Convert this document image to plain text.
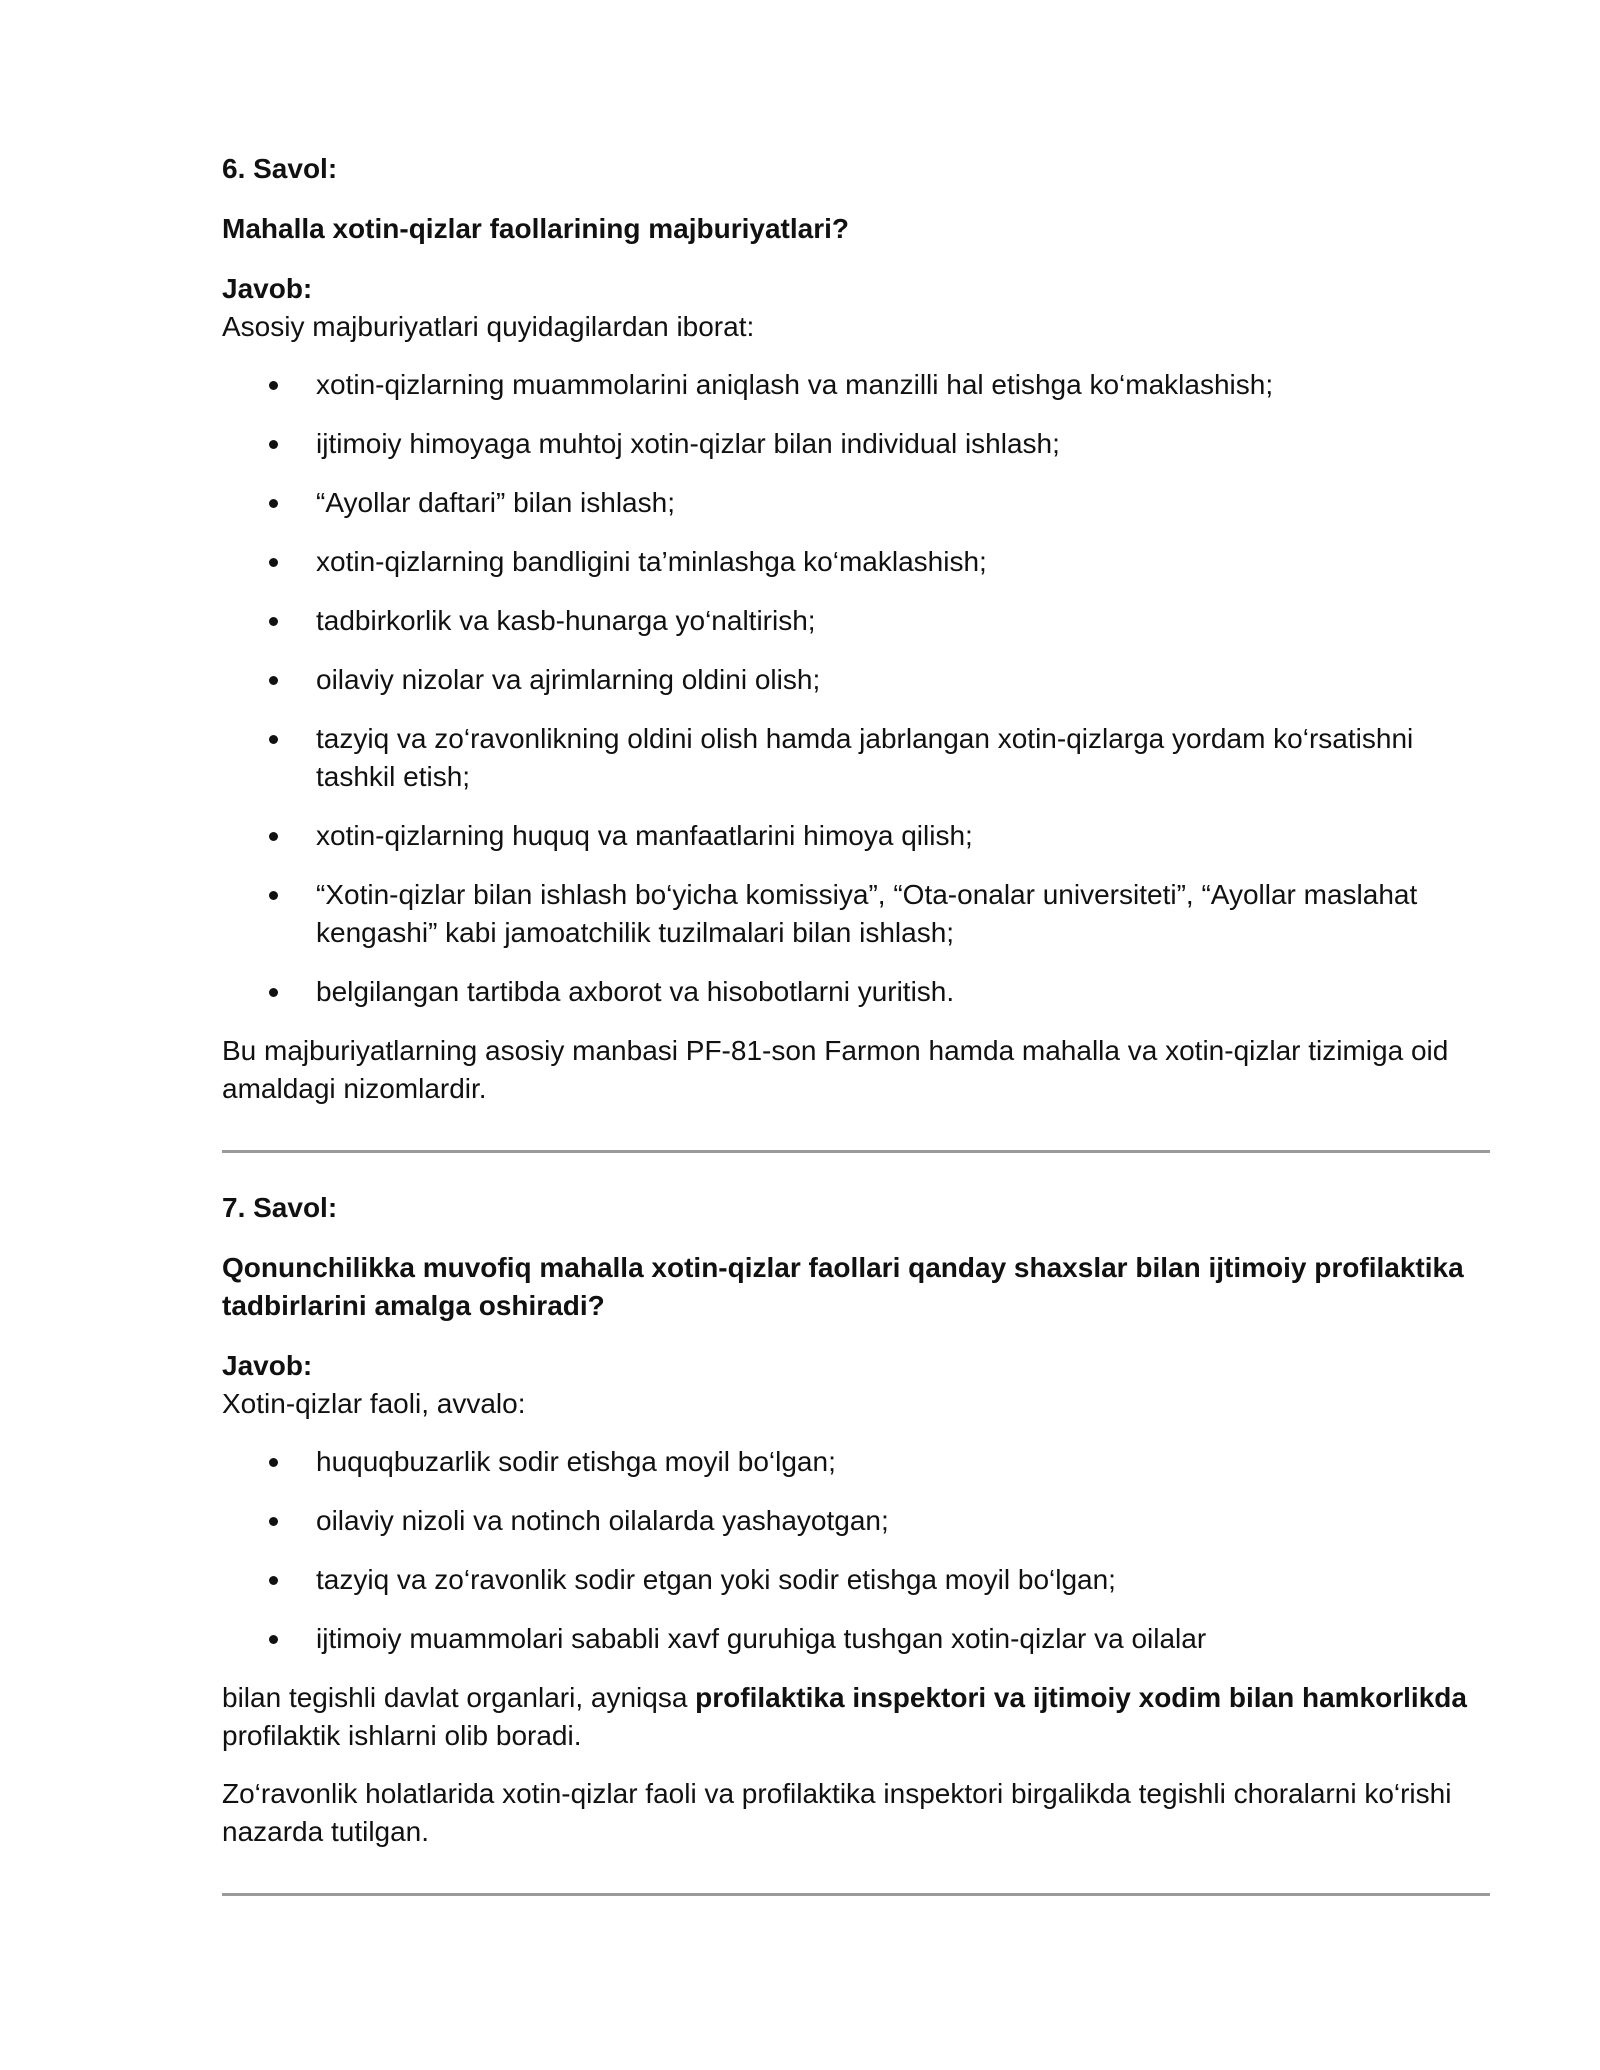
6. Savol:

Mahalla xotin-qizlar faollarining majburiyatlari?

Javob:

Asosiy majburiyatlari quyidagilardan iborat:

xotin-qizlarning muammolarini aniqlash va manzilli hal etishga ko‘maklashish;
ijtimoiy himoyaga muhtoj xotin-qizlar bilan individual ishlash;
“Ayollar daftari” bilan ishlash;
xotin-qizlarning bandligini ta’minlashga ko‘maklashish;
tadbirkorlik va kasb-hunarga yo‘naltirish;
oilaviy nizolar va ajrimlarning oldini olish;
tazyiq va zo‘ravonlikning oldini olish hamda jabrlangan xotin-qizlarga yordam ko‘rsatishni tashkil etish;
xotin-qizlarning huquq va manfaatlarini himoya qilish;
“Xotin-qizlar bilan ishlash bo‘yicha komissiya”, “Ota-onalar universiteti”, “Ayollar maslahat kengashi” kabi jamoatchilik tuzilmalari bilan ishlash;
belgilangan tartibda axborot va hisobotlarni yuritish.

Bu majburiyatlarning asosiy manbasi PF-81-son Farmon hamda mahalla va xotin-qizlar tizimiga oid amaldagi nizomlardir.

7. Savol:

Qonunchilikka muvofiq mahalla xotin-qizlar faollari qanday shaxslar bilan ijtimoiy profilaktika tadbirlarini amalga oshiradi?

Javob:

Xotin-qizlar faoli, avvalo:

huquqbuzarlik sodir etishga moyil bo‘lgan;
oilaviy nizoli va notinch oilalarda yashayotgan;
tazyiq va zo‘ravonlik sodir etgan yoki sodir etishga moyil bo‘lgan;
ijtimoiy muammolari sababli xavf guruhiga tushgan xotin-qizlar va oilalar

bilan tegishli davlat organlari, ayniqsa profilaktika inspektori va ijtimoiy xodim bilan hamkorlikda profilaktik ishlarni olib boradi.

Zo‘ravonlik holatlarida xotin-qizlar faoli va profilaktika inspektori birgalikda tegishli choralarni ko‘rishi nazarda tutilgan.
